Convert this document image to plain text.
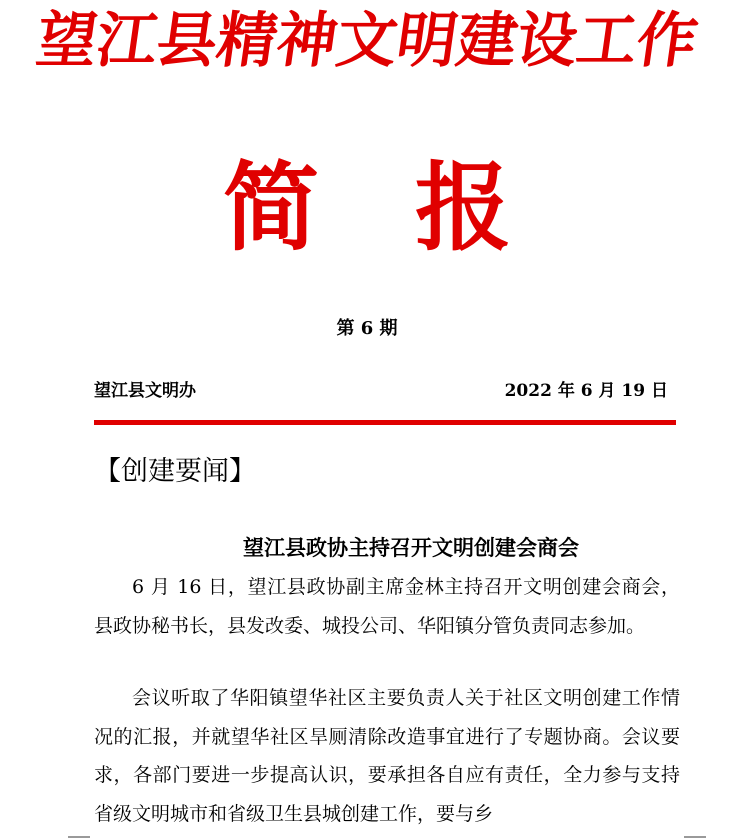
望江县精神文明建设工作
简 报
第 6 期
望江县文明办	2022 年 6 月 19 日
【创建要闻】
望江县政协主持召开文明创建会商会

6 月 16 日，望江县政协副主席金林主持召开文明创建会商会，县政协秘书长，县发改委、城投公司、华阳镇分管负责同志参加。

会议听取了华阳镇望华社区主要负责人关于社区文明创建工作情况的汇报，并就望华社区旱厕清除改造事宜进行了专题协商。会议要求，各部门要进一步提高认识，要承担各自应有责任，全力参与支持省级文明城市和省级卫生县城创建工作，要与乡
